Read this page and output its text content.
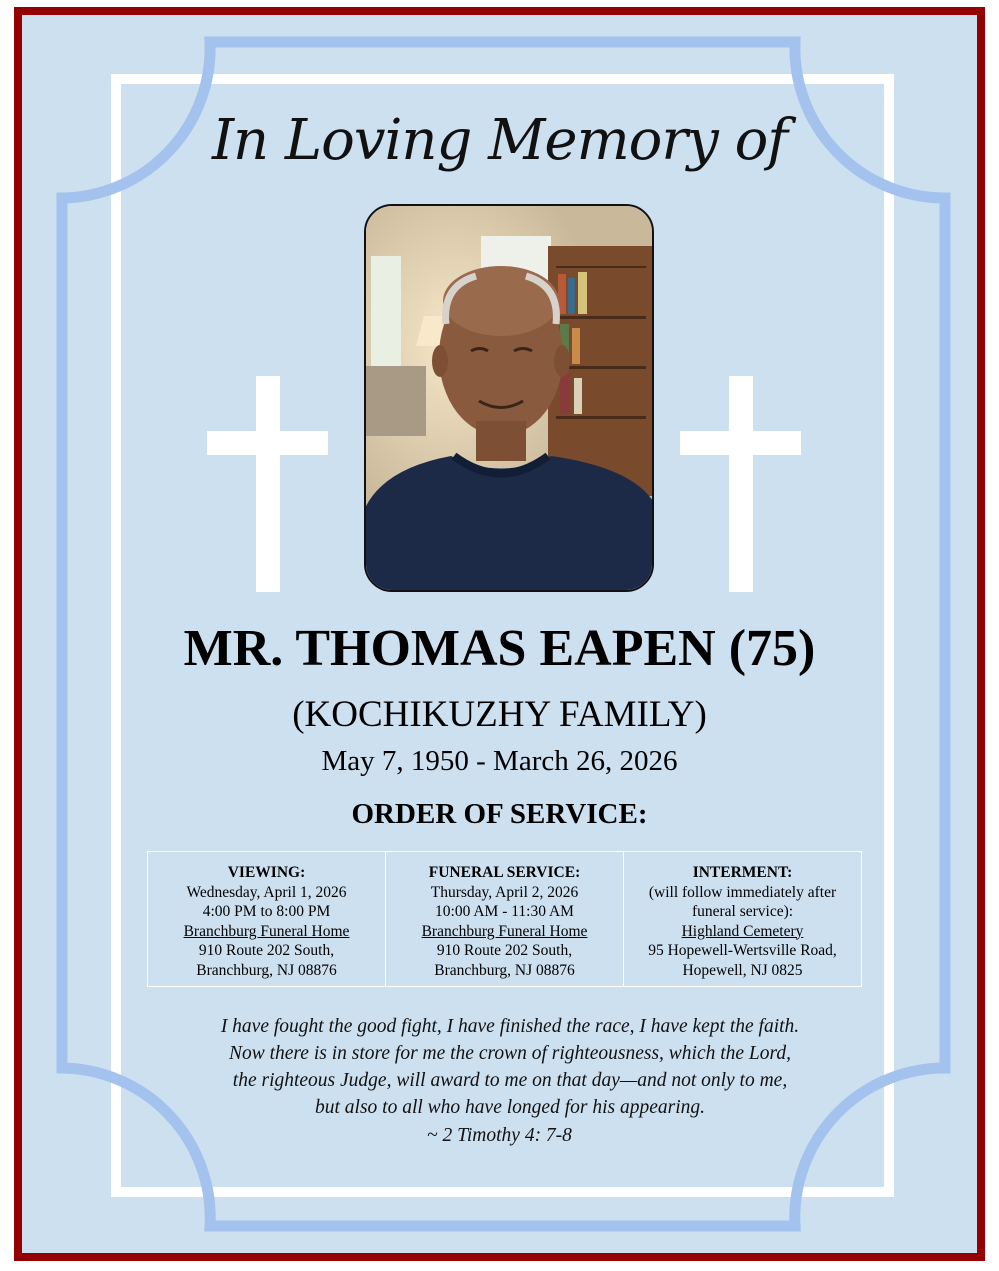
In Loving Memory of
MR. THOMAS EAPEN (75)
(KOCHIKUZHY FAMILY)
May 7, 1950 - March 26, 2026
ORDER OF SERVICE:
VIEWING:
Wednesday, April 1, 2026
4:00 PM to 8:00 PM
Branchburg Funeral Home
910 Route 202 South,
Branchburg, NJ 08876
FUNERAL SERVICE:
Thursday, April 2, 2026
10:00 AM - 11:30 AM
Branchburg Funeral Home
910 Route 202 South,
Branchburg, NJ 08876
INTERMENT:
(will follow immediately after
funeral service):
Highland Cemetery
95 Hopewell-Wertsville Road,
Hopewell, NJ 0825
I have fought the good fight, I have finished the race, I have kept the faith.
Now there is in store for me the crown of righteousness, which the Lord,
the righteous Judge, will award to me on that day—and not only to me,
but also to all who have longed for his appearing.
~ 2 Timothy 4: 7-8
